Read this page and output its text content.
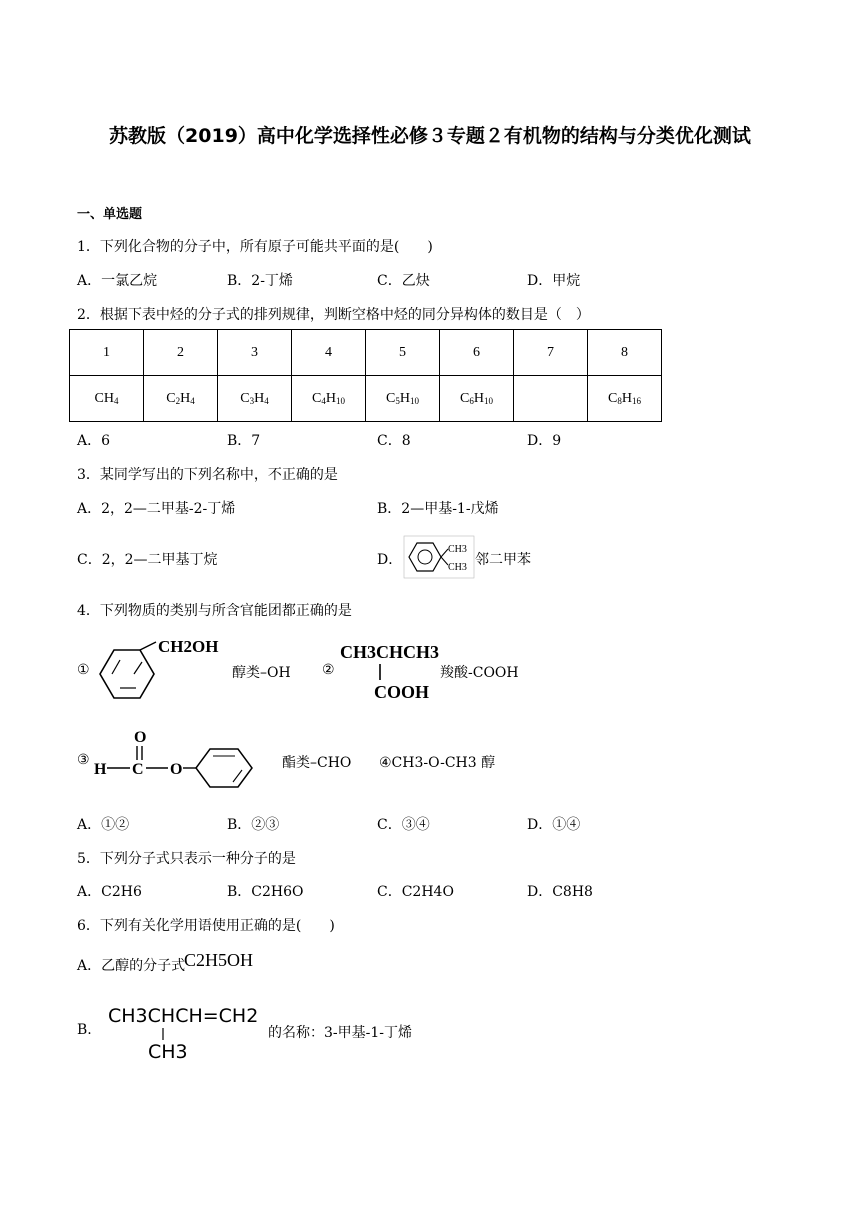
苏教版（2019）高中化学选择性必修３专题２有机物的结构与分类优化测试
一、单选题
1．下列化合物的分子中，所有原子可能共平面的是(　　)
A．一氯乙烷	B．2-丁烯	C．乙炔	D．甲烷
2．根据下表中烃的分子式的排列规律，判断空格中烃的同分异构体的数目是（　）
1	2	3	4	5	6	7	8
$CH_4$	$C_2H_4$	$C_3H_4$	$C_4H_{10}$	$C_5H_{10}$	$C_6H_{10}$		$C_8H_{16}$
A．6	B．7	C．8	D．9
3．某同学写出的下列名称中，不正确的是
A．2，2—二甲基-2-丁烯	B．2—甲基-1-戊烯
C．2，2—二甲基丁烷	D．
CH3
CH3 邻二甲苯
4．下列物质的类别与所含官能团都正确的是
①
CH2OH
醇类–OH ②
CH3CHCH3
COOH
羧酸-COOH
③
O
H C O	酯类–CHO ④CH3-O-CH3 醇
A．①②	B．②③	C．③④	D．①④
5．下列分子式只表示一种分子的是
A．C2H6	B．C2H6O	C．C2H4O	D．C8H8
6．下列有关化学用语使用正确的是(　　)
A．乙醇的分子式
C2H5OH
B.
CH3CHCH=CH2
CH3
的名称：3-甲基-1-丁烯
